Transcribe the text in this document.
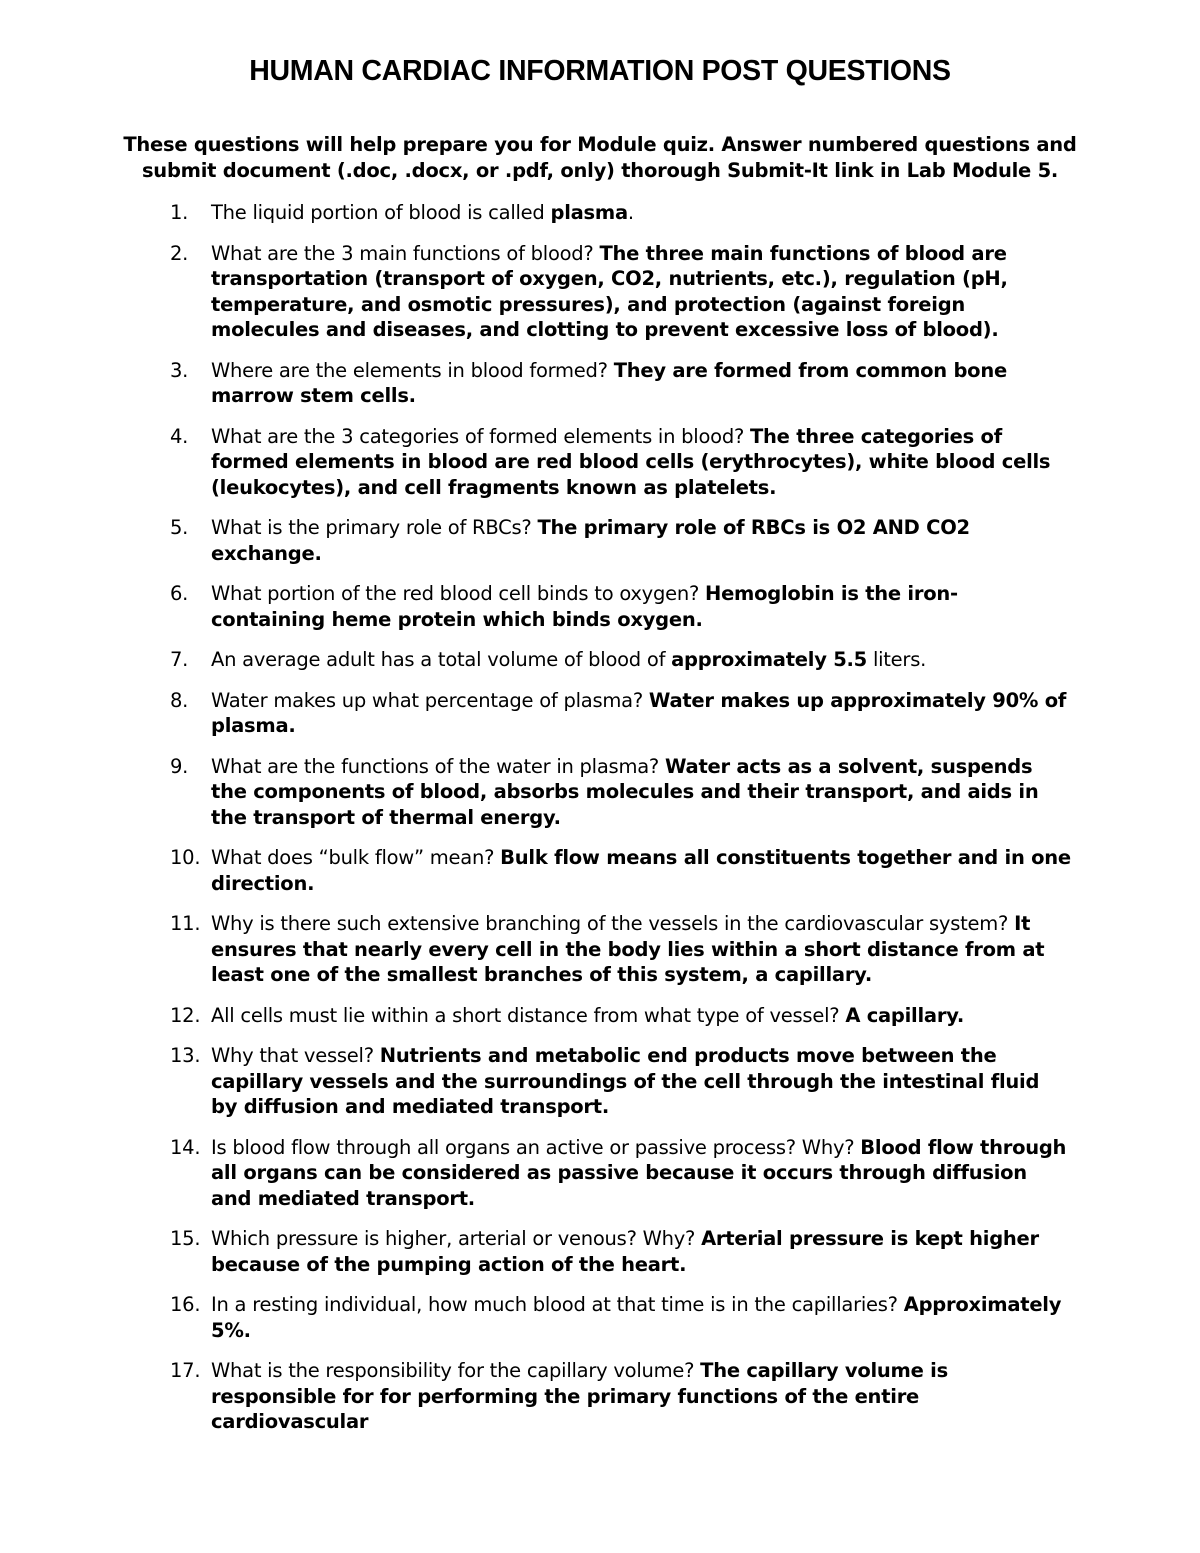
HUMAN CARDIAC INFORMATION POST QUESTIONS
These questions will help prepare you for Module quiz. Answer numbered questions and submit document (.doc, .docx, or .pdf, only) thorough Submit-It link in Lab Module 5.
1.	The liquid portion of blood is called plasma.
2.	What are the 3 main functions of blood? The three main functions of blood are transportation (transport of oxygen, CO2, nutrients, etc.), regulation (pH, temperature, and osmotic pressures), and protection (against foreign molecules and diseases, and clotting to prevent excessive loss of blood).
3.	Where are the elements in blood formed? They are formed from common bone marrow stem cells.
4.	What are the 3 categories of formed elements in blood? The three categories of formed elements in blood are red blood cells (erythrocytes), white blood cells (leukocytes), and cell fragments known as platelets.
5.	What is the primary role of RBCs? The primary role of RBCs is O2 AND CO2 exchange.
6.	What portion of the red blood cell binds to oxygen? Hemoglobin is the iron-containing heme protein which binds oxygen.
7.	An average adult has a total volume of blood of approximately 5.5 liters.
8.	Water makes up what percentage of plasma? Water makes up approximately 90% of plasma.
9.	What are the functions of the water in plasma? Water acts as a solvent, suspends the components of blood, absorbs molecules and their transport, and aids in the transport of thermal energy.
10. What does “bulk flow” mean? Bulk flow means all constituents together and in one direction.
11. Why is there such extensive branching of the vessels in the cardiovascular system? It ensures that nearly every cell in the body lies within a short distance from at least one of the smallest branches of this system, a capillary.
12. All cells must lie within a short distance from what type of vessel? A capillary.
13. Why that vessel? Nutrients and metabolic end products move between the capillary vessels and the surroundings of the cell through the intestinal fluid by diffusion and mediated transport.
14. Is blood flow through all organs an active or passive process? Why? Blood flow through all organs can be considered as passive because it occurs through diffusion and mediated transport.
15. Which pressure is higher, arterial or venous? Why? Arterial pressure is kept higher because of the pumping action of the heart.
16. In a resting individual, how much blood at that time is in the capillaries? Approximately 5%.
17. What is the responsibility for the capillary volume? The capillary volume is responsible for for performing the primary functions of the entire cardiovascular
